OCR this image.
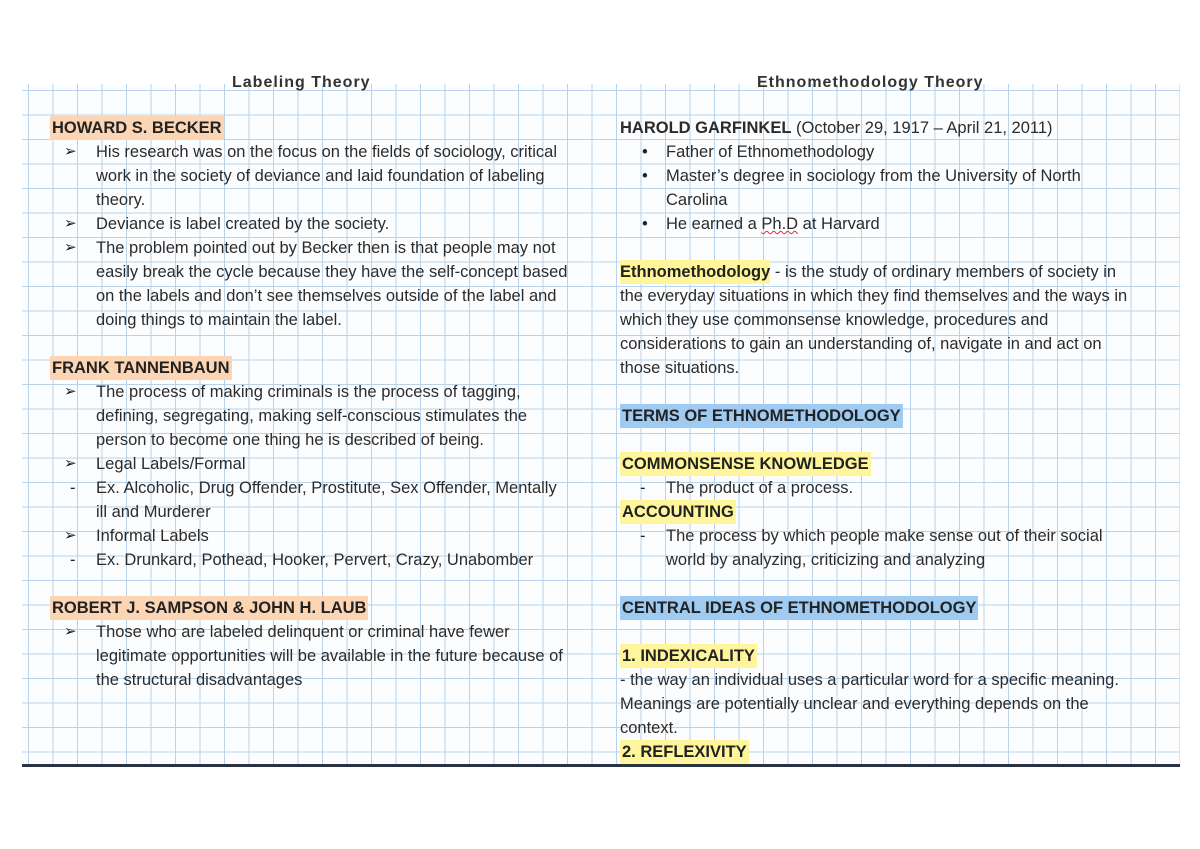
Labeling Theory	Ethnomethodology Theory
HOWARD S. BECKER
➢ His research was on the focus on the fields of sociology, critical work in the society of deviance and laid foundation of labeling theory.
➢ Deviance is label created by the society.
➢ The problem pointed out by Becker then is that people may not easily break the cycle because they have the self-concept based on the labels and don’t see themselves outside of the label and doing things to maintain the label.
FRANK TANNENBAUN
➢ The process of making criminals is the process of tagging, defining, segregating, making self-conscious stimulates the person to become one thing he is described of being.
➢ Legal Labels/Formal
- Ex. Alcoholic, Drug Offender, Prostitute, Sex Offender, Mentally ill and Murderer
➢ Informal Labels
- Ex. Drunkard, Pothead, Hooker, Pervert, Crazy, Unabomber
ROBERT J. SAMPSON & JOHN H. LAUB
➢ Those who are labeled delinquent or criminal have fewer legitimate opportunities will be available in the future because of the structural disadvantages

HAROLD GARFINKEL (October 29, 1917 – April 21, 2011)

• Father of Ethnomethodology
• Master’s degree in sociology from the University of North Carolina
• He earned a Ph.D at Harvard

Ethnomethodology - is the study of ordinary members of society in the everyday situations in which they find themselves and the ways in which they use commonsense knowledge, procedures and considerations to gain an understanding of, navigate in and act on those situations.

TERMS OF ETHNOMETHODOLOGY
COMMONSENSE KNOWLEDGE
- The product of a process.
ACCOUNTING
- The process by which people make sense out of their social world by analyzing, criticizing and analyzing
CENTRAL IDEAS OF ETHNOMETHODOLOGY
1. INDEXICALITY

- the way an individual uses a particular word for a specific meaning. Meanings are potentially unclear and everything depends on the context.

2. REFLEXIVITY
